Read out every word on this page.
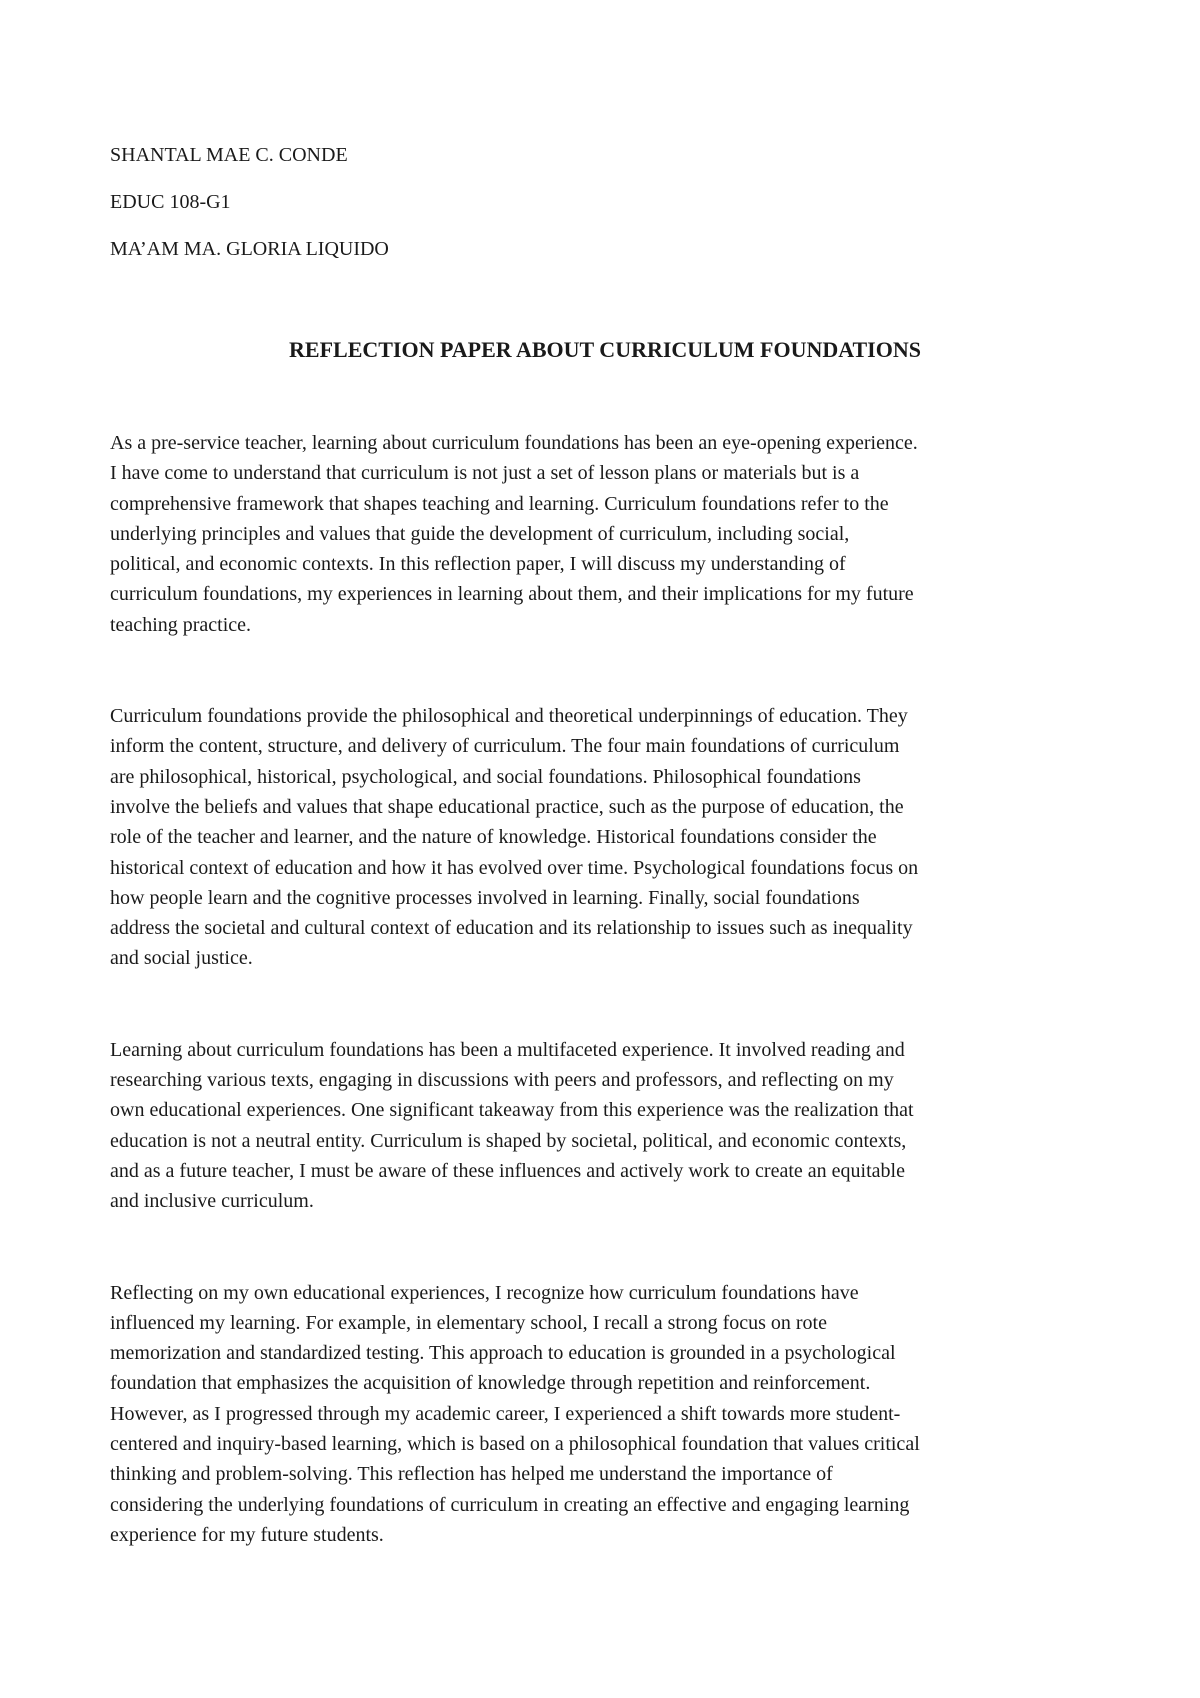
SHANTAL MAE C. CONDE
EDUC 108-G1
MA’AM MA. GLORIA LIQUIDO
REFLECTION PAPER ABOUT CURRICULUM FOUNDATIONS
As a pre-service teacher, learning about curriculum foundations has been an eye-opening experience.
I have come to understand that curriculum is not just a set of lesson plans or materials but is a
comprehensive framework that shapes teaching and learning. Curriculum foundations refer to the
underlying principles and values that guide the development of curriculum, including social,
political, and economic contexts. In this reflection paper, I will discuss my understanding of
curriculum foundations, my experiences in learning about them, and their implications for my future
teaching practice.
Curriculum foundations provide the philosophical and theoretical underpinnings of education. They
inform the content, structure, and delivery of curriculum. The four main foundations of curriculum
are philosophical, historical, psychological, and social foundations. Philosophical foundations
involve the beliefs and values that shape educational practice, such as the purpose of education, the
role of the teacher and learner, and the nature of knowledge. Historical foundations consider the
historical context of education and how it has evolved over time. Psychological foundations focus on
how people learn and the cognitive processes involved in learning. Finally, social foundations
address the societal and cultural context of education and its relationship to issues such as inequality
and social justice.
Learning about curriculum foundations has been a multifaceted experience. It involved reading and
researching various texts, engaging in discussions with peers and professors, and reflecting on my
own educational experiences. One significant takeaway from this experience was the realization that
education is not a neutral entity. Curriculum is shaped by societal, political, and economic contexts,
and as a future teacher, I must be aware of these influences and actively work to create an equitable
and inclusive curriculum.
Reflecting on my own educational experiences, I recognize how curriculum foundations have
influenced my learning. For example, in elementary school, I recall a strong focus on rote
memorization and standardized testing. This approach to education is grounded in a psychological
foundation that emphasizes the acquisition of knowledge through repetition and reinforcement.
However, as I progressed through my academic career, I experienced a shift towards more student-
centered and inquiry-based learning, which is based on a philosophical foundation that values critical
thinking and problem-solving. This reflection has helped me understand the importance of
considering the underlying foundations of curriculum in creating an effective and engaging learning
experience for my future students.
